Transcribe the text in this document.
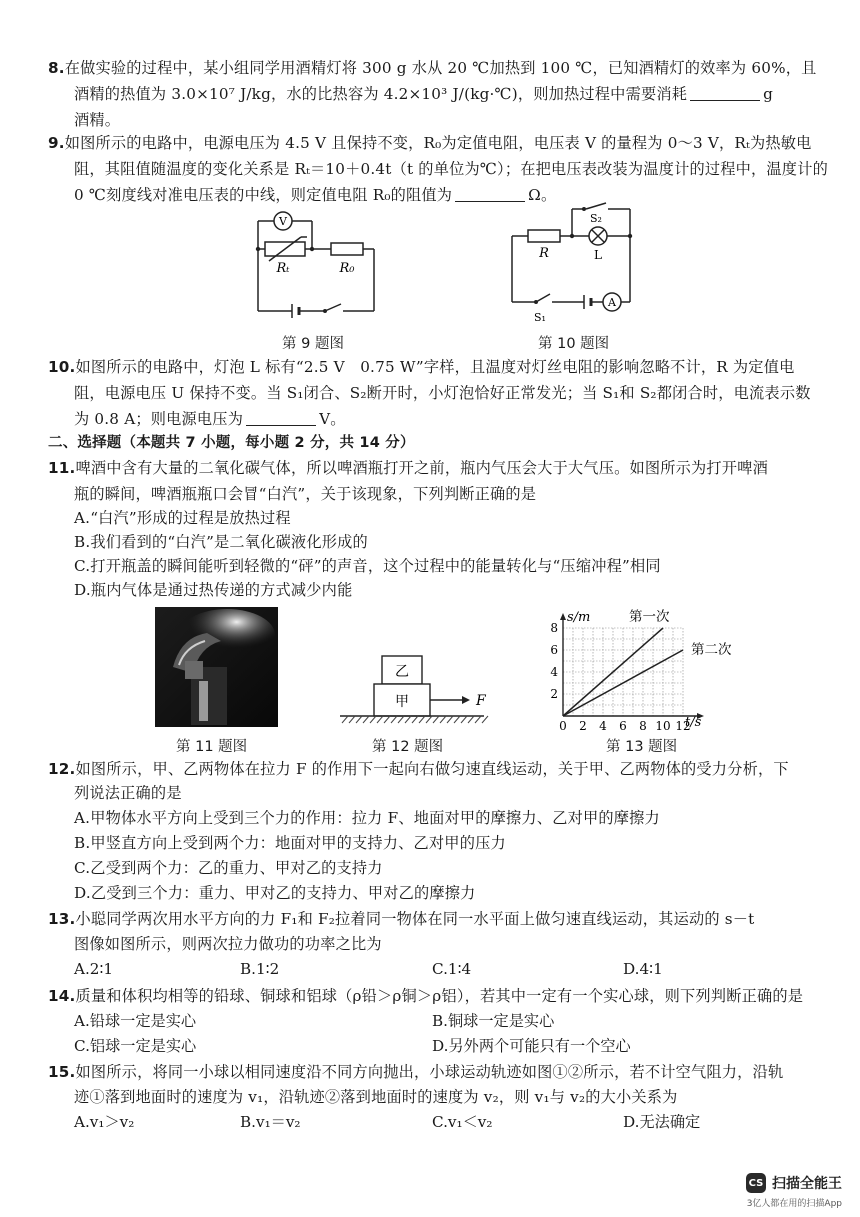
8.在做实验的过程中，某小组同学用酒精灯将 300 g 水从 20 ℃加热到 100 ℃，已知酒精灯的效率为 60%，且
酒精的热值为 3.0×10⁷ J/kg，水的比热容为 4.2×10³ J/(kg·℃)，则加热过程中需要消耗	g
酒精。
9.如图所示的电路中，电源电压为 4.5 V 且保持不变，R₀为定值电阻，电压表 V 的量程为 0～3 V，Rₜ为热敏电
阻，其阻值随温度的变化关系是 Rₜ＝10＋0.4t（t 的单位为℃）；在把电压表改装为温度计的过程中，温度计的
0 ℃刻度线对准电压表的中线，则定值电阻 R₀的阻值为	Ω。
V
Rₜ	R₀
第 9 题图
R
S₂
L
S₁
A
第 10 题图
10.如图所示的电路中，灯泡 L 标有“2.5 V　0.75 W”字样，且温度对灯丝电阻的影响忽略不计，R 为定值电
阻，电源电压 U 保持不变。当 S₁闭合、S₂断开时，小灯泡恰好正常发光；当 S₁和 S₂都闭合时，电流表示数
为 0.8 A；则电源电压为	V。
二、选择题（本题共 7 小题，每小题 2 分，共 14 分）
11.啤酒中含有大量的二氧化碳气体，所以啤酒瓶打开之前，瓶内气压会大于大气压。如图所示为打开啤酒
瓶的瞬间，啤酒瓶瓶口会冒“白汽”，关于该现象，下列判断正确的是
A.“白汽”形成的过程是放热过程
B.我们看到的“白汽”是二氧化碳液化形成的
C.打开瓶盖的瞬间能听到轻微的“砰”的声音，这个过程中的能量转化与“压缩冲程”相同
D.瓶内气体是通过热传递的方式减少内能
第 11 题图
乙
甲	F
第 12 题图
2
4
6
8
0 2 4 6 8 10 12
s/m
t/s
第一次
第二次
第 13 题图
12.如图所示，甲、乙两物体在拉力 F 的作用下一起向右做匀速直线运动，关于甲、乙两物体的受力分析，下
列说法正确的是
A.甲物体水平方向上受到三个力的作用：拉力 F、地面对甲的摩擦力、乙对甲的摩擦力
B.甲竖直方向上受到两个力：地面对甲的支持力、乙对甲的压力
C.乙受到两个力：乙的重力、甲对乙的支持力
D.乙受到三个力：重力、甲对乙的支持力、甲对乙的摩擦力
13.小聪同学两次用水平方向的力 F₁和 F₂拉着同一物体在同一水平面上做匀速直线运动，其运动的 s－t
图像如图所示，则两次拉力做功的功率之比为
A.2∶1	B.1∶2	C.1∶4	D.4∶1
14.质量和体积均相等的铅球、铜球和铝球（ρ铅＞ρ铜＞ρ铝），若其中一定有一个实心球，则下列判断正确的是
A.铅球一定是实心	B.铜球一定是实心
C.铝球一定是实心	D.另外两个可能只有一个空心
15.如图所示，将同一小球以相同速度沿不同方向抛出，小球运动轨迹如图①②所示，若不计空气阻力，沿轨
迹①落到地面时的速度为 v₁，沿轨迹②落到地面时的速度为 v₂，则 v₁与 v₂的大小关系为
A.v₁＞v₂	B.v₁＝v₂	C.v₁＜v₂	D.无法确定
CS 扫描全能王
3亿人都在用的扫描App
